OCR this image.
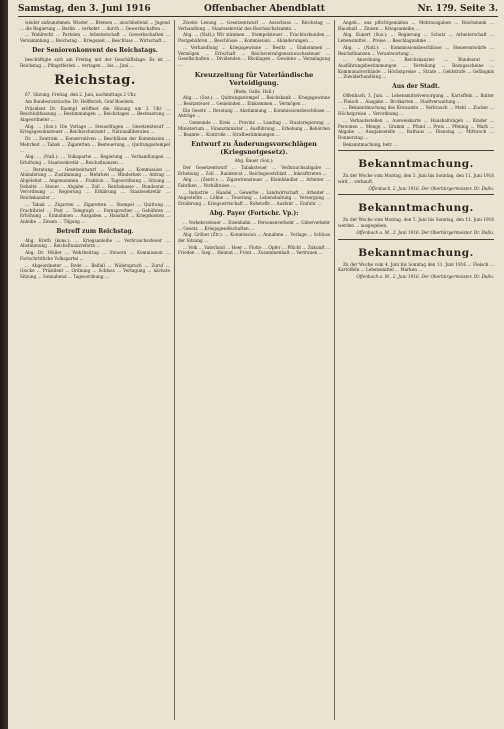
Samstag, den 3. Juni 1916	Offenbacher Abendblatt	Nr. 1?9. Seite 3.

wieder aufzunehmen. Wieder ... Bremen ... anschließend ... Jugend ... die Regierung ... Berlin ... verkehrt ... durch ... Gewerkschaften ...

... Wahlrecht ... Parteien ... Arbeiterschaft ... Gewerkschaften ... Versammlung ... Reichstag ... Kriegszeit ... Beschluss ... Wirtschaft ...

Der Seniorenkonvent des Reichstags.

beschäftigte sich am Freitag mit der Geschäftslage. Es ist ... Reichstag ... Pfingstferien ... vertagen ... bis ... Juni ...

Reichstag.

67. Sitzung, Freitag, den 2. Juni, nachmittags 2 Uhr.

Am Bundesratstische: Dr. Helfferich, Graf Roedern.

Präsident Dr. Kaempf eröffnet die Sitzung um 2 Uhr ... Beschlußfassung ... Bestimmungen ... Reichstages ... Besteuerung ... Abgeordneter ...

Abg. ... (Soz.): Die Vorlage ... Steuerfragen ... Gesetzentwurf ... Kriegsgewinnsteuer ... Reichsschatzamt ... Nationalliberalen ...

Dr. ... Zentrum ... Konservativen ... Beschlüsse der Kommission ... Mehrheit ... Tabak ... Zigaretten ... Besteuerung ... Quittungsstempel ...

Abg. ... (Natl.): ... Volkspartei ... Regierung ... Verhandlungen ... Erhöhung ... Staatssekretär ... Reichsfinanzen ...

... Beratung ... Gesetzentwurf ... Vorlage ... Kommission ... Abänderung ... Zustimmung ... Mehrheit ... Minderheit ... Antrag ... Abgelehnt ... Angenommen ... Fraktion ... Tagesordnung ... Sitzung ... Debatte ... Steuer ... Abgabe ... Zoll ... Reichskasse ... Bundesrat ... Verordnung ... Regierung ... Erklärung ... Staatssekretär ... Reichskanzler ...

... Tabak ... Zigarren ... Zigaretten ... Stempel ... Quittung ... Frachtbrief ... Post ... Telegraph ... Fernsprecher ... Gebühren ... Erhöhung ... Einnahmen ... Ausgaben ... Haushalt ... Kriegskosten ... Anleihe ... Zinsen ... Tilgung ...

Betreff zum Reichstag.

Abg. Kreth (kons.): ... Kriegsanleihe ... Verbrauchssteuer ... Abstimmung ... Reichsfinanzreform ...

Abg. Dr. Müller ... Wehrbeitrag ... Steuern ... Kommission ... Fortschrittliche Volkspartei ...

... Abgeordneter ... Rede ... Beifall ... Widerspruch ... Zuruf ... Glocke ... Präsident ... Ordnung ... Schluss ... Vertagung ... nächste Sitzung ... Sonnabend ... Tagesordnung ...

Zweite Lesung ... Gesetzentwurf ... Ausschuss ... Reichstag ... Verhandlung ... Staatssekretär des Reichsschatzamts ...

Abg. ... (Natl.): Wir stimmen ... Stempelsteuer ... Frachturkunden ... Postgebühren ... Beschlüsse ... Kommission ... Abänderungen ...

... Verhandlung ... Kriegsgewinne ... Besitz ... Einkommen ... Vermögen ... Erbschaft ... Reichsvermögenszuwachssteuer ... Gesellschaften ... Dividenden ... Rücklagen ... Gewinne ... Veranlagung ...

Kreuzzeitung für Vaterländische Verteidigung.
(Rede, Galle, Hall.)

Abg. ... (Soz.): ... Quittungsstempel ... Reichsbank ... Kriegsgewinne ... Besitzsteuer ... Gemeinden ... Einkommen ... Vermögen ...

Ein Gesetz ... Beratung ... Abstimmung ... Kommissionsbeschlüsse ... Anträge ...

... Gemeinde ... Kreis ... Provinz ... Landtag ... Staatsregierung ... Ministerium ... Finanzminister ... Ausführung ... Erhebung ... Behörden ... Beamte ... Kontrolle ... Strafbestimmungen ...

Entwurf zu Änderungsvorschlägen (Kriegsnotgesetz).
Abg. Bauer (Soz.):

Der Gesetzentwurf ... Tabaksteuer ... Verbrauchsabgabe ... Erhebung ... Zoll ... Bundesrat ... Reichsgesetzblatt ... Inkrafttreten ...

Abg. ... (Zentr.): ... Zigarettensteuer ... Kleinhändler ... Arbeiter ... Fabriken ... Verhältnisse ...

... Industrie ... Handel ... Gewerbe ... Landwirtschaft ... Arbeiter ... Angestellte ... Löhne ... Teuerung ... Lebenshaltung ... Versorgung ... Ernährung ... Kriegswirtschaft ... Rohstoffe ... Ausfuhr ... Einfuhr ...

Abg. Payer (Fortschr. Vp.):

... Verkehrssteuer ... Eisenbahn ... Personenverkehr ... Güterverkehr ... Gesetz ... Kriegsgesellschaften ...

Abg. Gröber (Ztr.): ... Kommission ... Annahme ... Vorlage ... Schluss der Sitzung ...

... Volk ... Vaterland ... Heer ... Flotte ... Opfer ... Pflicht ... Zukunft ... Frieden ... Sieg ... Heimat ... Front ... Zusammenhalt ... Vertrauen ...

Angeb... aus pflichtgemäßen ... Mehrausgaben ... Reichsbank ... Haushalt ... Zinsen ... Kriegsanleihe ...

Abg. Kunert (Soz.): ... Regierung ... Schutz ... Arbeiterschaft ... Lebensmittel ... Preise ... Beschlagnahme ...

Abg. ... (Natl.): ... Kommissionsbeschlüsse ... Steuerentwürfe ... Reichsfinanzen ... Verantwortung ...

... Anordnung ... Reichskanzler ... Bundesrat ... Ausführungsbestimmungen ... Verteilung ... Bezugsscheine ... Kommunalverbände ... Höchstpreise ... Strafe ... Geldstrafe ... Gefängnis ... Zuwiderhandlung ...

Aus der Stadt.

Offenbach, 3. Juni. ... Lebensmittelversorgung ... Kartoffeln ... Butter ... Fleisch ... Ausgabe ... Brotkarten ... Stadtverwaltung ...

... Bekanntmachung des Kreisamts ... Verbrauch ... Mehl ... Zucker ... Höchstpreise ... Verordnung ...

... Verkaufsstellen ... Ausweiskarte ... Haushaltungen ... Kinder ... Personen ... Menge ... Gramm ... Pfund ... Preis ... Pfennig ... Mark ... Abgabe ... Ausgabestelle ... Rathaus ... Dienstag ... Mittwoch ... Donnerstag ...

Bekanntmachung, betr. ...

Bekanntmachung.

Zu der Woche vom Montag, den 5. Juni bis Sonntag, den 11. Juni 1916 wird ... verkauft.

Offenbach, 2. Juni 1916. Der Oberbürgermeister. Dr. Dullo.

Bekanntmachung.

Zu der Woche vom Montag, den 5. Juni bis Sonntag, den 11. Juni 1916 werden ... ausgegeben.

Offenbach a. M., 2. Juni 1916. Der Oberbürgermeister. Dr. Dullo.

Bekanntmachung.

Zu der Woche vom 4. Juni bis Sonntag den 11. Juni 1916 ... Fleisch ... Kartoffeln ... Lebensmittel ... Marken ...

Offenbach a. M., 2. Juni 1916. Der Oberbürgermeister. Dr. Dullo.
